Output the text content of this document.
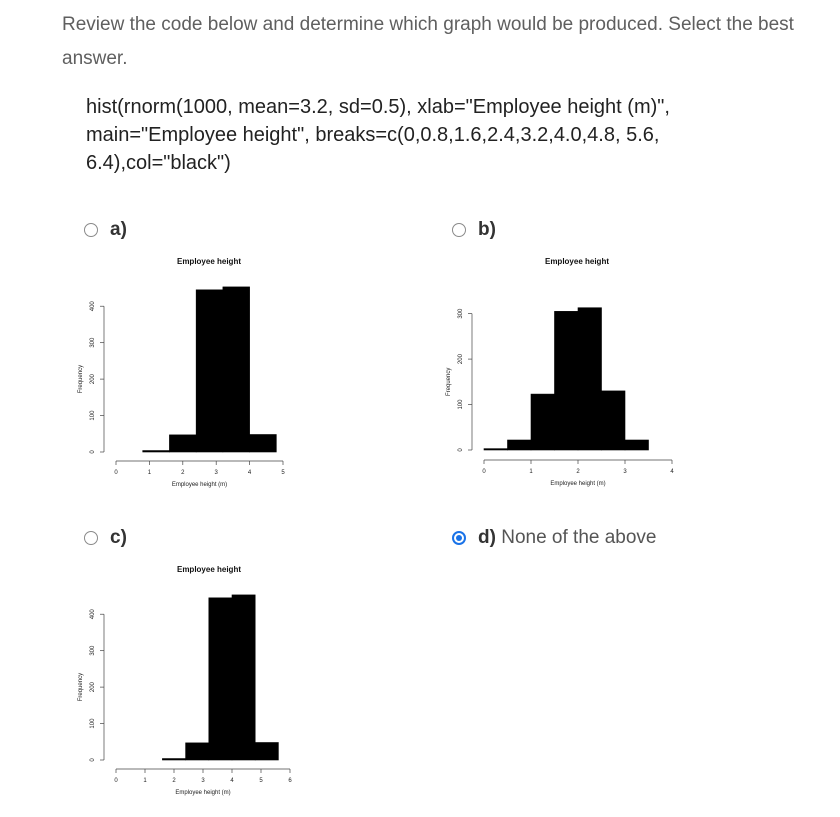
Review the code below and determine which graph would be produced. Select the best answer.
hist(rnorm(1000, mean=3.2, sd=0.5), xlab="Employee height (m)", main="Employee height", breaks=c(0,0.8,1.6,2.4,3.2,4.0,4.8, 5.6, 6.4),col="black")
a)	b)
c)	d) None of the above
Employee height
0	1	2	3	4	5
Employee height (m)
0
100
200
300
400
Frequency
Employee height
0	1	2	3	4
Employee height (m)
0
100
200
300
Frequency
Employee height
0	1	2	3	4	5	6
Employee height (m)
0
100
200
300
400
Frequency
